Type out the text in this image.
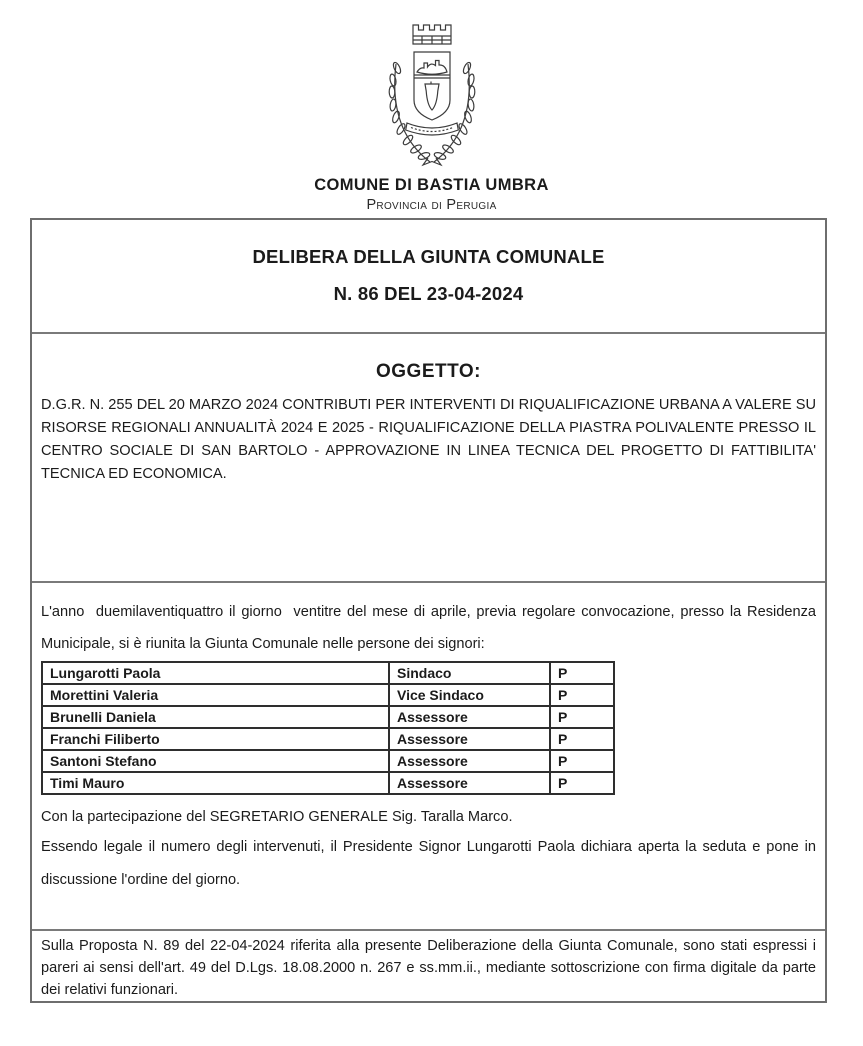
COMUNE DI BASTIA UMBRA
Provincia di Perugia
DELIBERA DELLA GIUNTA COMUNALE
N. 86 DEL 23-04-2024
OGGETTO:
D.G.R. N. 255 DEL 20 MARZO 2024 CONTRIBUTI PER INTERVENTI DI RIQUALIFICAZIONE URBANA A VALERE SU RISORSE REGIONALI ANNUALITÀ 2024 E 2025 - RIQUALIFICAZIONE DELLA PIASTRA POLIVALENTE PRESSO IL CENTRO SOCIALE DI SAN BARTOLO - APPROVAZIONE IN LINEA TECNICA DEL PROGETTO DI FATTIBILITA' TECNICA ED ECONOMICA.
L'anno  duemilaventiquattro il giorno  ventitre del mese di aprile, previa regolare convocazione, presso la Residenza Municipale, si è riunita la Giunta Comunale nelle persone dei signori:
Lungarotti Paola	Sindaco	P
Morettini Valeria	Vice Sindaco	P
Brunelli Daniela	Assessore	P
Franchi Filiberto	Assessore	P
Santoni Stefano	Assessore	P
Timi Mauro	Assessore	P
Con la partecipazione del SEGRETARIO GENERALE Sig. Taralla Marco.
Essendo legale il numero degli intervenuti, il Presidente Signor Lungarotti Paola dichiara aperta la seduta e pone in discussione l'ordine del giorno.
Sulla Proposta N. 89 del 22-04-2024 riferita alla presente Deliberazione della Giunta Comunale, sono stati espressi i pareri ai sensi dell'art. 49 del D.Lgs. 18.08.2000 n. 267 e ss.mm.ii., mediante sottoscrizione con firma digitale da parte dei relativi funzionari.
